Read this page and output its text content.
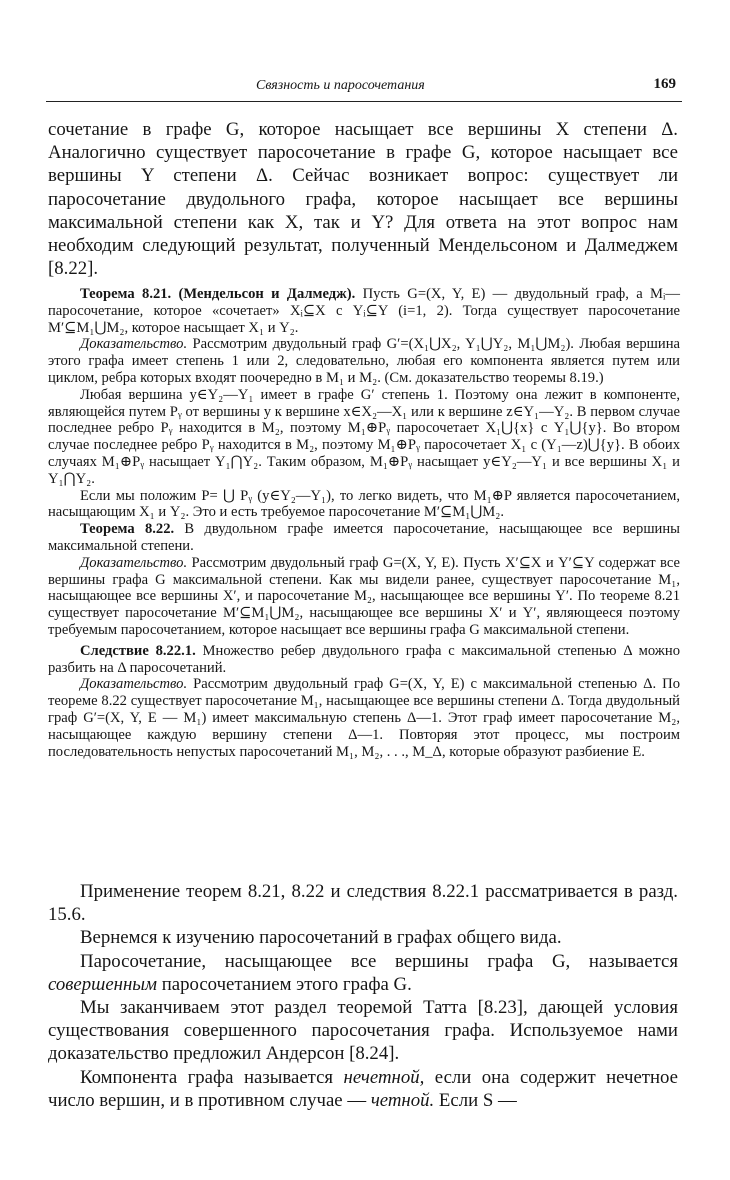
Связность и паросочетания	169

сочетание в графе G, которое насыщает все вершины X степени Δ. Аналогично существует паросочетание в графе G, которое насыщает все вершины Y степени Δ. Сейчас возникает вопрос: существует ли паросочетание двудольного графа, которое насыщает все вершины максимальной степени как X, так и Y? Для ответа на этот вопрос нам необходим следующий результат, полученный Мендельсоном и Далмеджем [8.22].

Теорема 8.21. (Мендельсон и Далмедж). Пусть G=(X, Y, E) — двудольный граф, а Mᵢ— паросочетание, которое «сочетает» Xᵢ⊆X с Yᵢ⊆Y (i=1, 2). Тогда существует паросочетание M′⊆M₁⋃M₂, которое насыщает X₁ и Y₂.

Доказательство. Рассмотрим двудольный граф G′=(X₁⋃X₂, Y₁⋃Y₂, M₁⋃M₂). Любая вершина этого графа имеет степень 1 или 2, следовательно, любая его компонента является путем или циклом, ребра которых входят поочередно в M₁ и M₂. (См. доказательство теоремы 8.19.)

Любая вершина y∈Y₂—Y₁ имеет в графе G′ степень 1. Поэтому она лежит в компоненте, являющейся путем Pᵧ от вершины y к вершине x∈X₂—X₁ или к вершине z∈Y₁—Y₂. В первом случае последнее ребро Pᵧ находится в M₂, поэтому M₁⊕Pᵧ паросочетает X₁⋃{x} с Y₁⋃{y}. Во втором случае последнее ребро Pᵧ находится в M₂, поэтому M₁⊕Pᵧ паросочетает X₁ с (Y₁—z)⋃{y}. В обоих случаях M₁⊕Pᵧ насыщает Y₁⋂Y₂. Таким образом, M₁⊕Pᵧ насыщает y∈Y₂—Y₁ и все вершины X₁ и Y₁⋂Y₂.

Если мы положим P= ⋃ Pᵧ (y∈Y₂—Y₁), то легко видеть, что M₁⊕P является паросочетанием, насыщающим X₁ и Y₂. Это и есть требуемое паросочетание M′⊆M₁⋃M₂.

Теорема 8.22. В двудольном графе имеется паросочетание, насыщающее все вершины максимальной степени.

Доказательство. Рассмотрим двудольный граф G=(X, Y, E). Пусть X′⊆X и Y′⊆Y содержат все вершины графа G максимальной степени. Как мы видели ранее, существует паросочетание M₁, насыщающее все вершины X′, и паросочетание M₂, насыщающее все вершины Y′. По теореме 8.21 существует паросочетание M′⊆M₁⋃M₂, насыщающее все вершины X′ и Y′, являющееся поэтому требуемым паросочетанием, которое насыщает все вершины графа G максимальной степени.

Следствие 8.22.1. Множество ребер двудольного графа с максимальной степенью Δ можно разбить на Δ паросочетаний.

Доказательство. Рассмотрим двудольный граф G=(X, Y, E) с максимальной степенью Δ. По теореме 8.22 существует паросочетание M₁, насыщающее все вершины степени Δ. Тогда двудольный граф G′=(X, Y, E — M₁) имеет максимальную степень Δ—1. Этот граф имеет паросочетание M₂, насыщающее каждую вершину степени Δ—1. Повторяя этот процесс, мы построим последовательность непустых паросочетаний M₁, M₂, . . ., M_Δ, которые образуют разбиение E.

Применение теорем 8.21, 8.22 и следствия 8.22.1 рассматривается в разд. 15.6.

Вернемся к изучению паросочетаний в графах общего вида.

Паросочетание, насыщающее все вершины графа G, называется совершенным паросочетанием этого графа G.

Мы заканчиваем этот раздел теоремой Татта [8.23], дающей условия существования совершенного паросочетания графа. Используемое нами доказательство предложил Андерсон [8.24].

Компонента графа называется нечетной, если она содержит нечетное число вершин, и в противном случае — четной. Если S —
